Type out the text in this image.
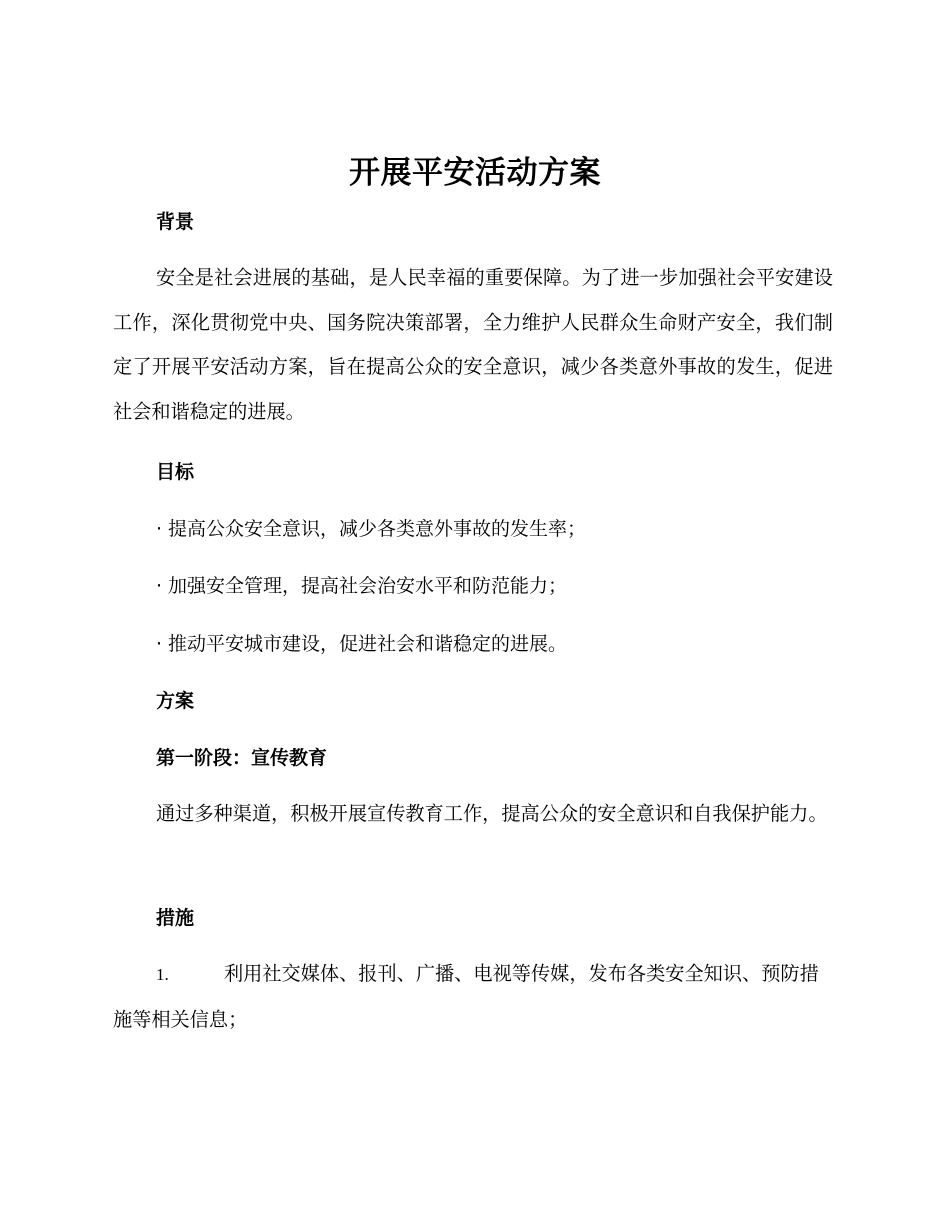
开展平安活动方案
背景

安全是社会进展的基础，是人民幸福的重要保障。为了进一步加强社会平安建设工作，深化贯彻党中央、国务院决策部署，全力维护人民群众生命财产安全，我们制定了开展平安活动方案，旨在提高公众的安全意识，减少各类意外事故的发生，促进社会和谐稳定的进展。

目标
· 提高公众安全意识，减少各类意外事故的发生率；
· 加强安全管理，提高社会治安水平和防范能力；
· 推动平安城市建设，促进社会和谐稳定的进展。
方案
第一阶段：宣传教育

通过多种渠道，积极开展宣传教育工作，提高公众的安全意识和自我保护能力。

措施

1.	利用社交媒体、报刊、广播、电视等传媒，发布各类安全知识、预防措施等相关信息；
